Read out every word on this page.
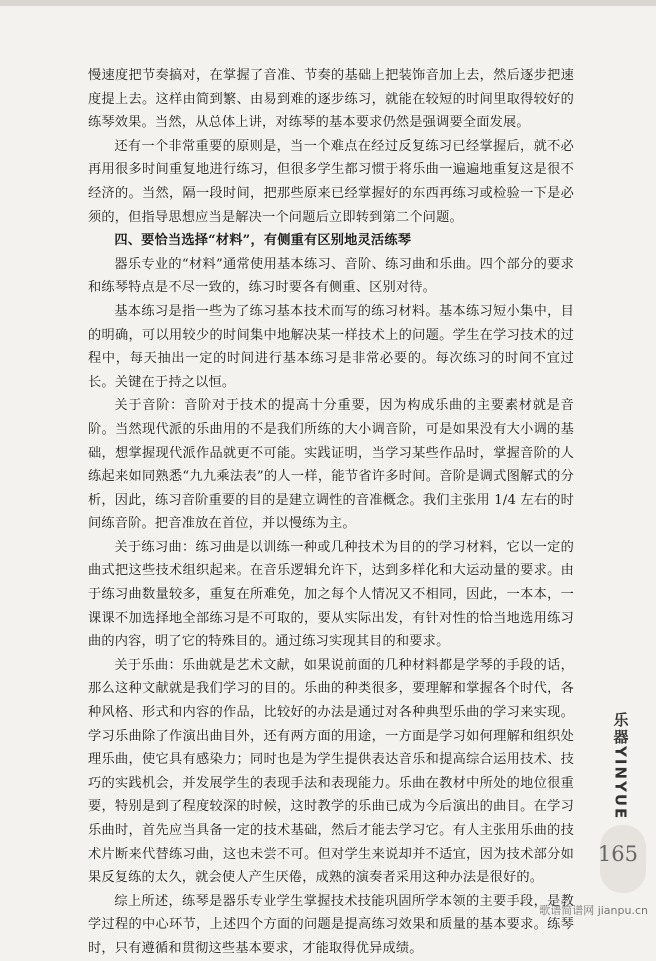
慢速度把节奏搞对，在掌握了音准、节奏的基础上把装饰音加上去，然后逐步把速度提上去。这样由简到繁、由易到难的逐步练习，就能在较短的时间里取得较好的练琴效果。当然，从总体上讲，对练琴的基本要求仍然是强调要全面发展。

还有一个非常重要的原则是，当一个难点在经过反复练习已经掌握后，就不必再用很多时间重复地进行练习，但很多学生都习惯于将乐曲一遍遍地重复这是很不经济的。当然，隔一段时间，把那些原来已经掌握好的东西再练习或检验一下是必须的，但指导思想应当是解决一个问题后立即转到第二个问题。

四、要恰当选择“材料”，有侧重有区别地灵活练琴

器乐专业的“材料”通常使用基本练习、音阶、练习曲和乐曲。四个部分的要求和练琴特点是不尽一致的，练习时要各有侧重、区别对待。

基本练习是指一些为了练习基本技术而写的练习材料。基本练习短小集中，目的明确，可以用较少的时间集中地解决某一样技术上的问题。学生在学习技术的过程中，每天抽出一定的时间进行基本练习是非常必要的。每次练习的时间不宜过长。关键在于持之以恒。

关于音阶：音阶对于技术的提高十分重要，因为构成乐曲的主要素材就是音阶。当然现代派的乐曲用的不是我们所练的大小调音阶，可是如果没有大小调的基础，想掌握现代派作品就更不可能。实践证明，当学习某些作品时，掌握音阶的人练起来如同熟悉“九九乘法表”的人一样，能节省许多时间。音阶是调式图解式的分析，因此，练习音阶重要的目的是建立调性的音准概念。我们主张用 1/4 左右的时间练音阶。把音准放在首位，并以慢练为主。

关于练习曲：练习曲是以训练一种或几种技术为目的的学习材料，它以一定的曲式把这些技术组织起来。在音乐逻辑允许下，达到多样化和大运动量的要求。由于练习曲数量较多，重复在所难免，加之每个人情况又不相同，因此，一本本，一课课不加选择地全部练习是不可取的，要从实际出发，有针对性的恰当地选用练习曲的内容，明了它的特殊目的。通过练习实现其目的和要求。

关于乐曲：乐曲就是艺术文献，如果说前面的几种材料都是学琴的手段的话，那么这种文献就是我们学习的目的。乐曲的种类很多，要理解和掌握各个时代，各种风格、形式和内容的作品，比较好的办法是通过对各种典型乐曲的学习来实现。学习乐曲除了作演出曲目外，还有两方面的用途，一方面是学习如何理解和组织处理乐曲，使它具有感染力；同时也是为学生提供表达音乐和提高综合运用技术、技巧的实践机会，并发展学生的表现手法和表现能力。乐曲在教材中所处的地位很重要，特别是到了程度较深的时候，这时教学的乐曲已成为今后演出的曲目。在学习乐曲时，首先应当具备一定的技术基础，然后才能去学习它。有人主张用乐曲的技术片断来代替练习曲，这也未尝不可。但对学生来说却并不适宜，因为技术部分如果反复练的太久，就会使人产生厌倦，成熟的演奏者采用这种办法是很好的。

综上所述，练琴是器乐专业学生掌握技术技能巩固所学本领的主要手段，是教学过程的中心环节，上述四个方面的问题是提高练习效果和质量的基本要求。练琴时，只有遵循和贯彻这些基本要求，才能取得优异成绩。

乐器YINYUE
165
歌谱简谱网 jianpu.cn
